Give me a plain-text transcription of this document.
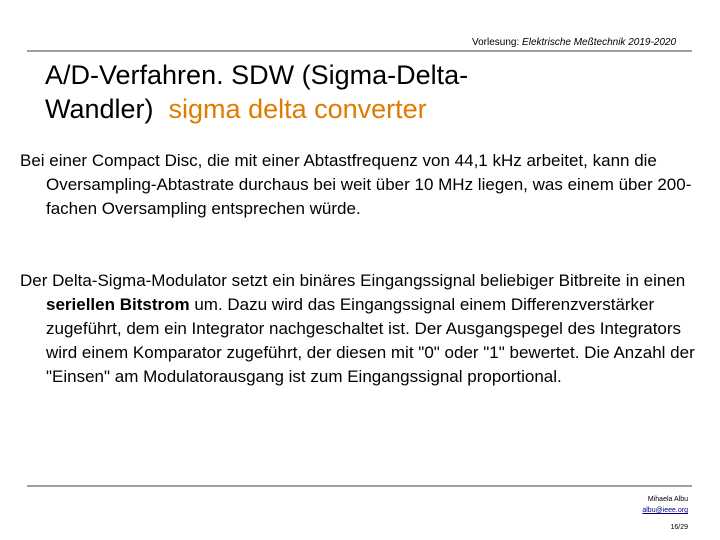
Vorlesung: Elektrische Meßtechnik 2019-2020
A/D-Verfahren. SDW (Sigma-Delta-
Wandler) sigma delta converter
Bei einer Compact Disc, die mit einer Abtastfrequenz von 44,1 kHz arbeitet, kann die Oversampling-Abtastrate durchaus bei weit über 10 MHz liegen, was einem über 200-fachen Oversampling entsprechen würde.
Der Delta-Sigma-Modulator setzt ein binäres Eingangssignal beliebiger Bitbreite in einen seriellen Bitstrom um. Dazu wird das Eingangssignal einem Differenzverstärker zugeführt, dem ein Integrator nachgeschaltet ist. Der Ausgangspegel des Integrators wird einem Komparator zugeführt, der diesen mit "0" oder "1" bewertet. Die Anzahl der "Einsen" am Modulatorausgang ist zum Eingangssignal proportional.
Mihaela Albu
albu@ieee.org
16/29
